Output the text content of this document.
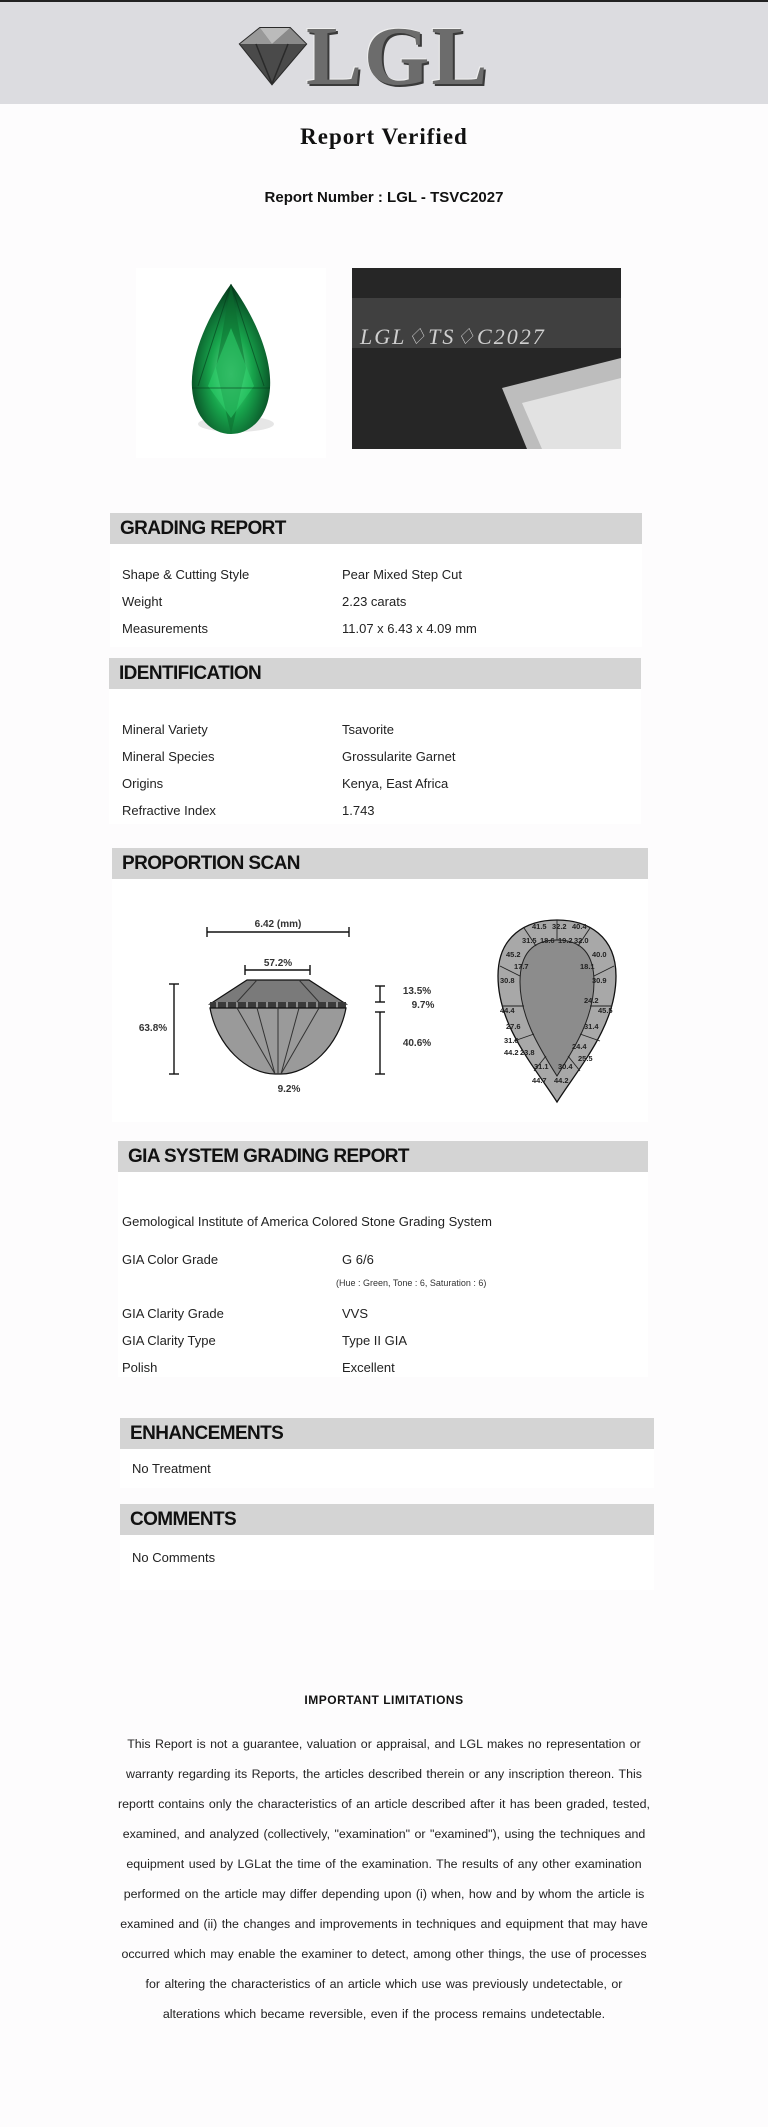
LGL
Report Verified
Report Number : LGL - TSVC2027
LGL♢TS♢C2027
GRADING REPORT
Shape & Cutting Style	Pear Mixed Step Cut
Weight	2.23 carats
Measurements	11.07 x 6.43 x 4.09 mm
IDENTIFICATION
Mineral Variety	Tsavorite
Mineral Species	Grossularite Garnet
Origins	Kenya, East Africa
Refractive Index	1.743
PROPORTION SCAN
6.42 (mm)
57.2%
63.8%
13.5%
9.7%
40.6%
9.2%
41.5 32.2 40.4
31.5 18.6 19.2 32.0
45.2	40.0
17.7	18.1
30.8	30.9
44.4
24.2
27.6
45.5
31.4
31.6
44.2 23.8
24.4
25.5
31.1 30.4
44.7 44.2
GIA SYSTEM GRADING REPORT
Gemological Institute of America Colored Stone Grading System
GIA Color Grade	G 6/6
(Hue : Green, Tone : 6, Saturation : 6)
GIA Clarity Grade	VVS
GIA Clarity Type	Type II GIA
Polish	Excellent
ENHANCEMENTS
No Treatment
COMMENTS
No Comments
IMPORTANT LIMITATIONS
This Report is not a guarantee, valuation or appraisal, and LGL makes no representation or warranty regarding its Reports, the articles described therein or any inscription thereon. This reportt contains only the characteristics of an article described after it has been graded, tested, examined, and analyzed (collectively, "examination" or "examined"), using the techniques and equipment used by LGLat the time of the examination. The results of any other examination performed on the article may differ depending upon (i) when, how and by whom the article is examined and (ii) the changes and improvements in techniques and equipment that may have occurred which may enable the examiner to detect, among other things, the use of processes for altering the characteristics of an article which use was previously undetectable, or alterations which became reversible, even if the process remains undetectable.
